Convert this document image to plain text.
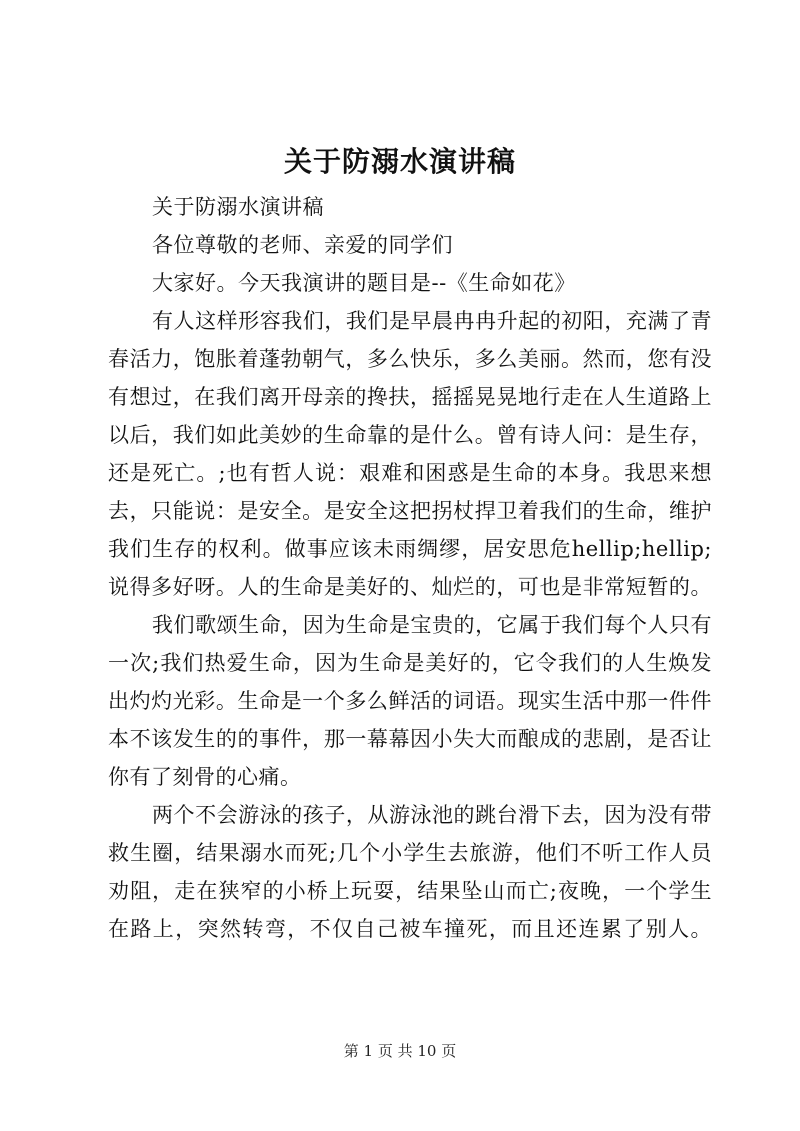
关于防溺水演讲稿
关于防溺水演讲稿
各位尊敬的老师、亲爱的同学们
大家好。今天我演讲的题目是--《生命如花》
有人这样形容我们，我们是早晨冉冉升起的初阳，充满了青
春活力，饱胀着蓬勃朝气，多么快乐，多么美丽。然而，您有没
有想过，在我们离开母亲的搀扶，摇摇晃晃地行走在人生道路上
以后，我们如此美妙的生命靠的是什么。曾有诗人问：是生存，
还是死亡。;也有哲人说：艰难和困惑是生命的本身。我思来想
去，只能说：是安全。是安全这把拐杖捍卫着我们的生命，维护
我们生存的权利。做事应该未雨绸缪，居安思危hellip;hellip;
说得多好呀。人的生命是美好的、灿烂的，可也是非常短暂的。
我们歌颂生命，因为生命是宝贵的，它属于我们每个人只有
一次;我们热爱生命，因为生命是美好的，它令我们的人生焕发
出灼灼光彩。生命是一个多么鲜活的词语。现实生活中那一件件
本不该发生的的事件，那一幕幕因小失大而酿成的悲剧，是否让
你有了刻骨的心痛。
两个不会游泳的孩子，从游泳池的跳台滑下去，因为没有带
救生圈，结果溺水而死;几个小学生去旅游，他们不听工作人员
劝阻，走在狭窄的小桥上玩耍，结果坠山而亡;夜晚，一个学生
在路上，突然转弯，不仅自己被车撞死，而且还连累了别人。
第 1 页 共 10 页
